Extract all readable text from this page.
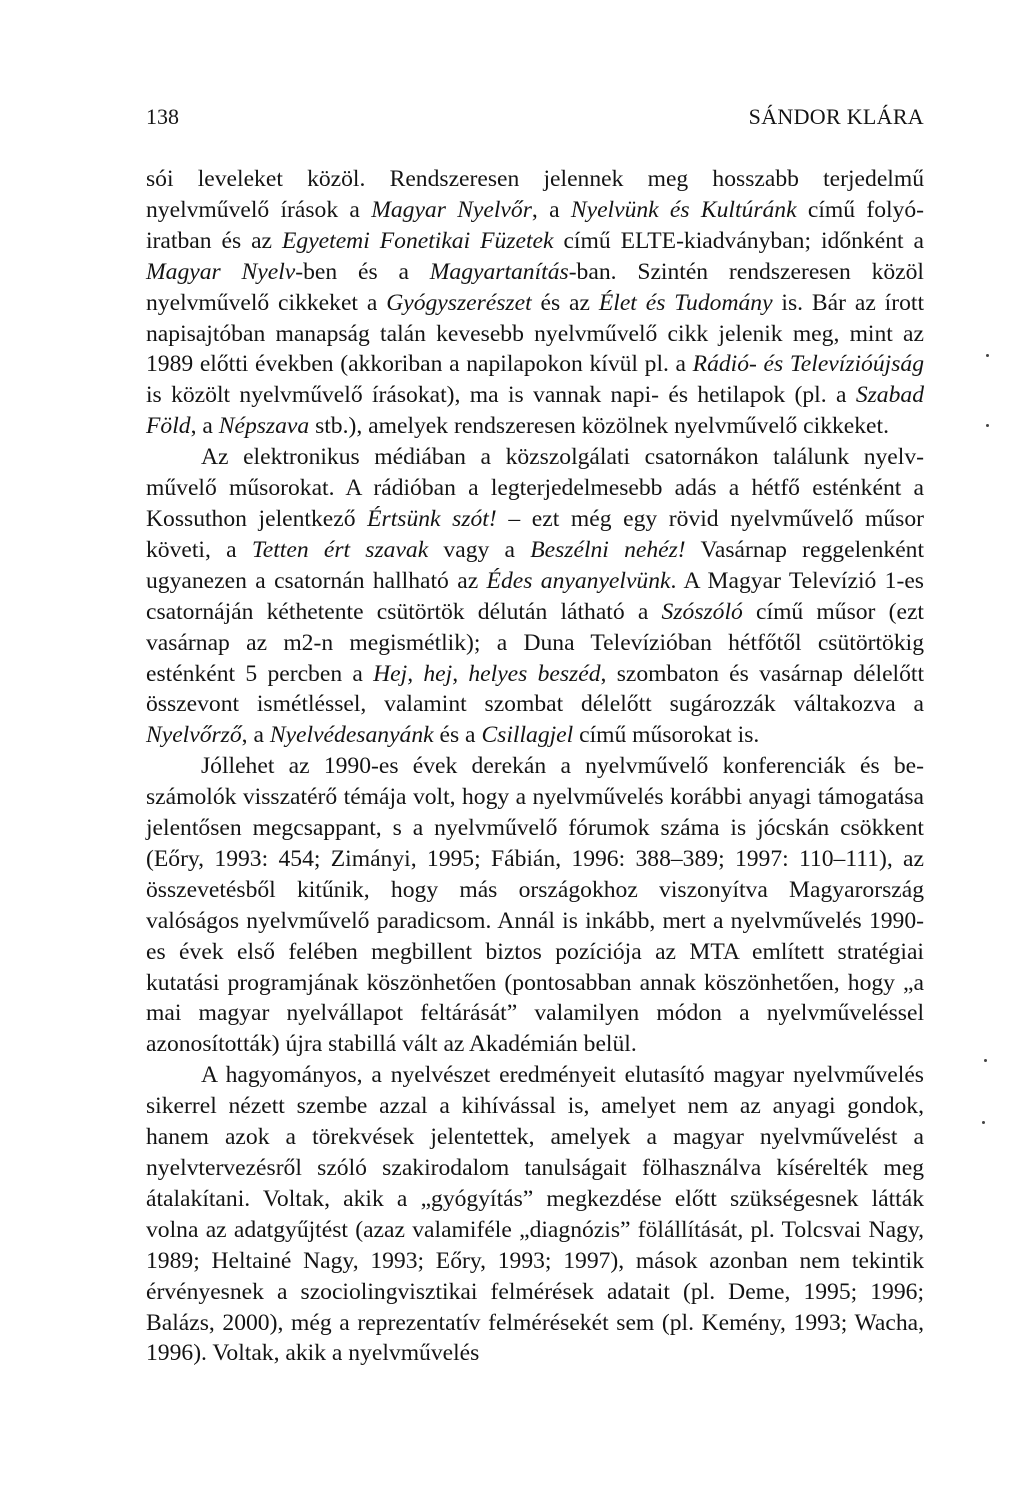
138	SÁNDOR KLÁRA

sói leveleket közöl. Rendszeresen jelennek meg hosszabb terjedelmű nyelvművelő írások a Magyar Nyelvőr, a Nyelvünk és Kultúránk című folyóiratban és az Egyetemi Fonetikai Füzetek című ELTE-kiadványban; időnként a Magyar Nyelv-ben és a Magyartanítás-ban. Szintén rendszeresen közöl nyelvművelő cikkeket a Gyógyszerészet és az Élet és Tudomány is. Bár az írott napisajtóban manapság talán kevesebb nyelvművelő cikk jelenik meg, mint az 1989 előtti években (akkoriban a napilapokon kívül pl. a Rádió- és Televízióújság is közölt nyelvművelő írásokat), ma is vannak napi- és hetilapok (pl. a Szabad Föld, a Népszava stb.), amelyek rendszeresen közölnek nyelvművelő cikkeket.

Az elektronikus médiában a közszolgálati csatornákon találunk nyelvművelő műsorokat. A rádióban a legterjedelmesebb adás a hétfő esténként a Kossuthon jelentkező Értsünk szót! – ezt még egy rövid nyelvművelő műsor követi, a Tetten ért szavak vagy a Beszélni nehéz! Vasárnap reggelenként ugyanezen a csatornán hallható az Édes anyanyelvünk. A Magyar Televízió 1-es csatornáján kéthetente csütörtök délután látható a Szószóló című műsor (ezt vasárnap az m2-n megismétlik); a Duna Televízióban hétfőtől csütörtökig esténként 5 percben a Hej, hej, helyes beszéd, szombaton és vasárnap délelőtt összevont ismétléssel, valamint szombat délelőtt sugározzák váltakozva a Nyelvőrző, a Nyelvédesanyánk és a Csillagjel című műsorokat is.

Jóllehet az 1990-es évek derekán a nyelvművelő konferenciák és beszámolók visszatérő témája volt, hogy a nyelvművelés korábbi anyagi támogatása jelentősen megcsappant, s a nyelvművelő fórumok száma is jócskán csökkent (Eőry, 1993: 454; Zimányi, 1995; Fábián, 1996: 388–389; 1997: 110–111), az összevetésből kitűnik, hogy más országokhoz viszonyítva Magyarország valóságos nyelvművelő paradicsom. Annál is inkább, mert a nyelvművelés 1990-es évek első felében megbillent biztos pozíciója az MTA említett stratégiai kutatási programjának köszönhetően (pontosabban annak köszönhetően, hogy „a mai magyar nyelvállapot feltárását” valamilyen módon a nyelvműveléssel azonosították) újra stabillá vált az Akadémián belül.

A hagyományos, a nyelvészet eredményeit elutasító magyar nyelvművelés sikerrel nézett szembe azzal a kihívással is, amelyet nem az anyagi gondok, hanem azok a törekvések jelentettek, amelyek a magyar nyelvművelést a nyelvtervezésről szóló szakirodalom tanulságait fölhasználva kísérelték meg átalakítani. Voltak, akik a „gyógyítás” megkezdése előtt szükségesnek látták volna az adatgyűjtést (azaz valamiféle „diagnózis” fölállítását, pl. Tolcsvai Nagy, 1989; Heltainé Nagy, 1993; Eőry, 1993; 1997), mások azonban nem tekintik érvényesnek a szociolingvisztikai felmérések adatait (pl. Deme, 1995; 1996; Balázs, 2000), még a reprezentatív felmérésekét sem (pl. Kemény, 1993; Wacha, 1996). Voltak, akik a nyelvművelés
